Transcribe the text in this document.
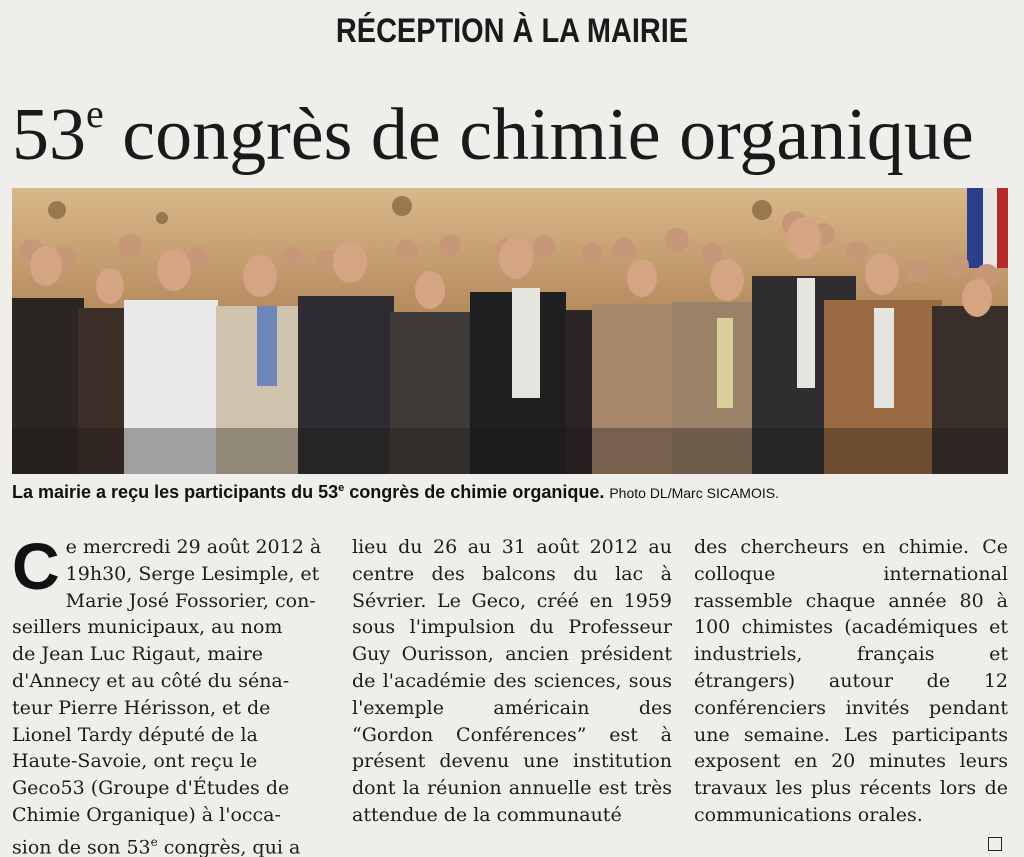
RÉCEPTION À LA MAIRIE
53e congrès de chimie organique
La mairie a reçu les participants du 53e congrès de chimie organique. Photo DL/Marc SICAMOIS.
C e mercredi 29 août 2012 à
19h30, Serge Lesimple, et
Marie José Fossorier, con-
seillers municipaux, au nom
de Jean Luc Rigaut, maire
d'Annecy et au côté du séna-
teur Pierre Hérisson, et de
Lionel Tardy député de la
Haute-Savoie, ont reçu le
Geco53 (Groupe d'Études de
Chimie Organique) à l'occa-
sion de son 53e congrès, qui a

lieu du 26 au 31 août 2012 au centre des balcons du lac à Sévrier. Le Geco, créé en 1959 sous l'impulsion du Professeur Guy Ourisson, ancien président de l'académie des sciences, sous l'exemple américain des “Gordon Conférences” est à présent devenu une institution dont la réunion annuelle est très attendue de la communauté

des chercheurs en chimie. Ce colloque international rassemble chaque année 80 à 100 chimistes (académiques et industriels, français et étrangers) autour de 12 conférenciers invités pendant une semaine. Les participants exposent en 20 minutes leurs travaux les plus récents lors de communications orales.
